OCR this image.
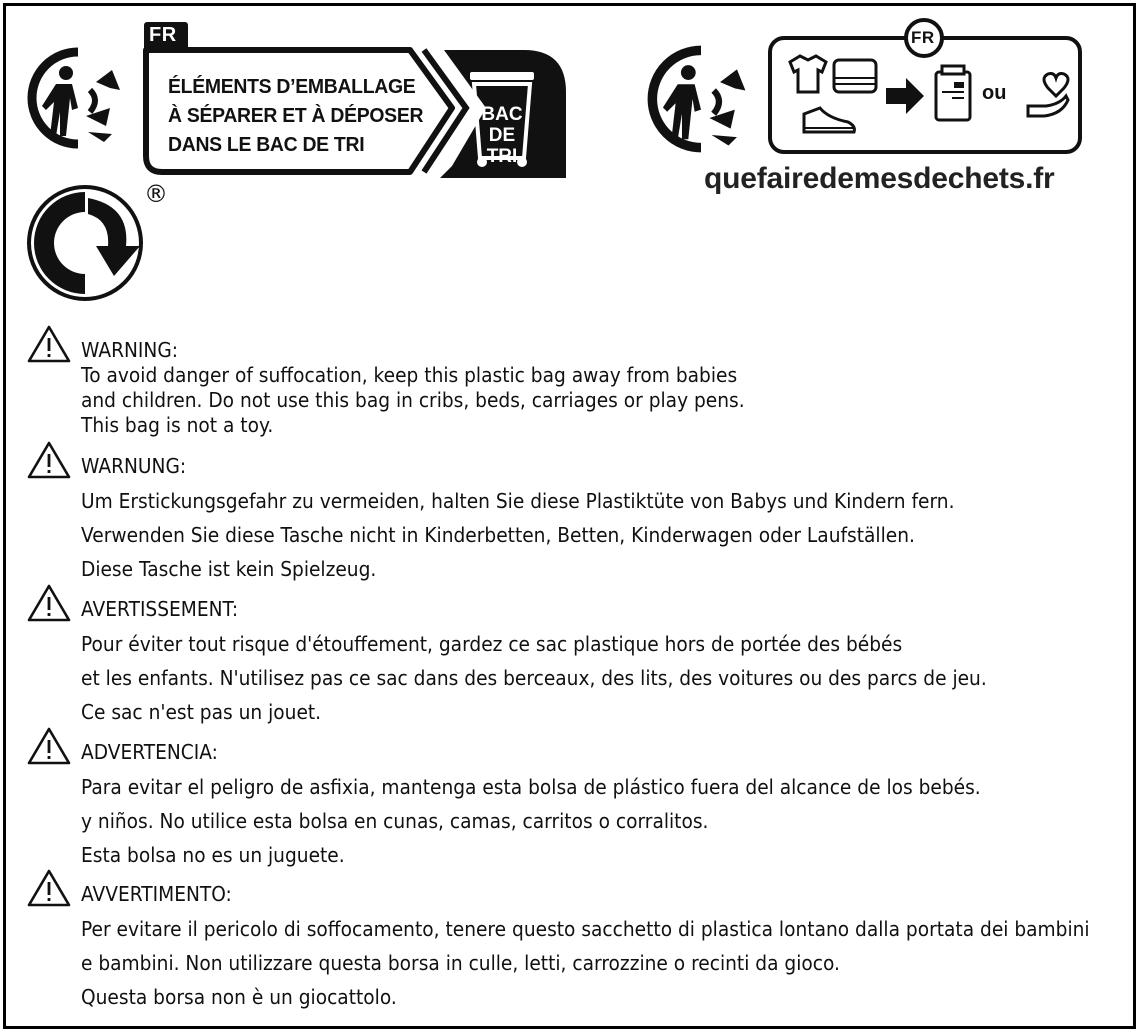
FR
ÉLÉMENTS D’EMBALLAGE
À SÉPARER ET À DÉPOSER
DANS LE BAC DE TRI
BAC
DE
TRI
®
FR
ou
quefairedemesdechets.fr
WARNING:
To avoid danger of suffocation, keep this plastic bag away from babies
and children. Do not use this bag in cribs, beds, carriages or play pens.
This bag is not a toy.
WARNUNG:
Um Erstickungsgefahr zu vermeiden, halten Sie diese Plastiktüte von Babys und Kindern fern.
Verwenden Sie diese Tasche nicht in Kinderbetten, Betten, Kinderwagen oder Laufställen.
Diese Tasche ist kein Spielzeug.
AVERTISSEMENT:
Pour éviter tout risque d'étouffement, gardez ce sac plastique hors de portée des bébés
et les enfants. N'utilisez pas ce sac dans des berceaux, des lits, des voitures ou des parcs de jeu.
Ce sac n'est pas un jouet.
ADVERTENCIA:
Para evitar el peligro de asfixia, mantenga esta bolsa de plástico fuera del alcance de los bebés.
y niños. No utilice esta bolsa en cunas, camas, carritos o corralitos.
Esta bolsa no es un juguete.
AVVERTIMENTO:
Per evitare il pericolo di soffocamento, tenere questo sacchetto di plastica lontano dalla portata dei bambini
e bambini. Non utilizzare questa borsa in culle, letti, carrozzine o recinti da gioco.
Questa borsa non è un giocattolo.
